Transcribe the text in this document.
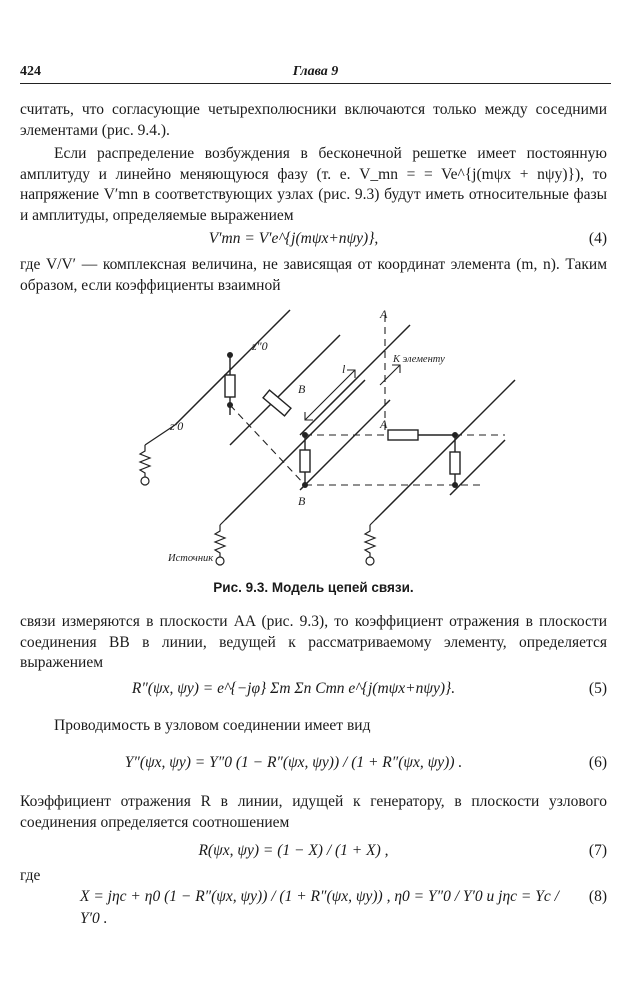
424	Глава 9

считать, что согласующие четырехполюсники включаются только между соседними элементами (рис. 9.4.).

Если распределение возбуждения в бесконечной решетке имеет постоянную амплитуду и линейно меняющуюся фазу (т. е. V_mn = = Ve^{j(mψx + nψy)}), то напряжение V′mn в соответствующих узлах (рис. 9.3) будут иметь относительные фазы и амплитуды, определяемые выражением

V′mn = V′e^{j(mψx+nψy)},	(4)

где V/V′ — комплексная величина, не зависящая от координат элемента (m, n). Таким образом, если коэффициенты взаимной

z″0
z′0
A
A
B
B
l
К элементу
Источник
Рис. 9.3. Модель цепей связи.

связи измеряются в плоскости AA (рис. 9.3), то коэффициент отражения в плоскости соединения BB в линии, ведущей к рассматриваемому элементу, определяется выражением

R″(ψx, ψy) = e^{−jφ} Σm Σn Cmn e^{j(mψx+nψy)}.	(5)

Проводимость в узловом соединении имеет вид

Y″(ψx, ψy) = Y″0 (1 − R″(ψx, ψy)) / (1 + R″(ψx, ψy)) .	(6)

Коэффициент отражения R в линии, идущей к генератору, в плоскости узлового соединения определяется соотношением

R(ψx, ψy) = (1 − X) / (1 + X) ,	(7)

где

X = jηc + η0 (1 − R″(ψx, ψy)) / (1 + R″(ψx, ψy)) , η0 = Y″0 / Y′0 и jηc = Yc / Y′0 .
(8)
